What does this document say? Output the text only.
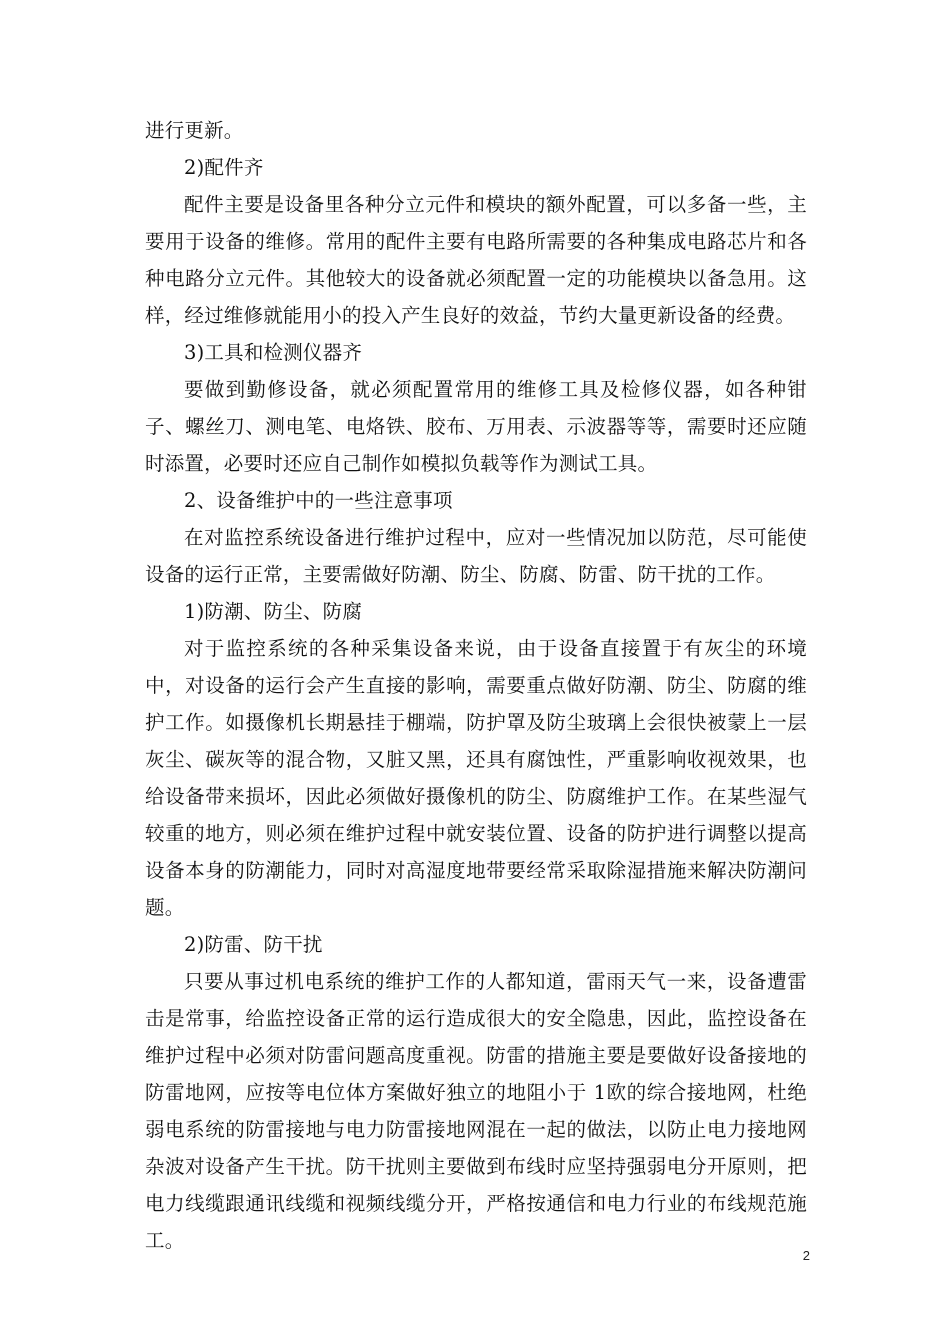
进行更新。

2)配件齐

配件主要是设备里各种分立元件和模块的额外配置，可以多备一些，主要用于设备的维修。常用的配件主要有电路所需要的各种集成电路芯片和各种电路分立元件。其他较大的设备就必须配置一定的功能模块以备急用。这样，经过维修就能用小的投入产生良好的效益，节约大量更新设备的经费。

3)工具和检测仪器齐

要做到勤修设备，就必须配置常用的维修工具及检修仪器，如各种钳子、螺丝刀、测电笔、电烙铁、胶布、万用表、示波器等等，需要时还应随时添置，必要时还应自己制作如模拟负载等作为测试工具。

2、设备维护中的一些注意事项

在对监控系统设备进行维护过程中，应对一些情况加以防范，尽可能使设备的运行正常，主要需做好防潮、防尘、防腐、防雷、防干扰的工作。

1)防潮、防尘、防腐

对于监控系统的各种采集设备来说，由于设备直接置于有灰尘的环境中，对设备的运行会产生直接的影响，需要重点做好防潮、防尘、防腐的维护工作。如摄像机长期悬挂于棚端，防护罩及防尘玻璃上会很快被蒙上一层灰尘、碳灰等的混合物，又脏又黑，还具有腐蚀性，严重影响收视效果，也给设备带来损坏，因此必须做好摄像机的防尘、防腐维护工作。在某些湿气较重的地方，则必须在维护过程中就安装位置、设备的防护进行调整以提高设备本身的防潮能力，同时对高湿度地带要经常采取除湿措施来解决防潮问题。

2)防雷、防干扰

只要从事过机电系统的维护工作的人都知道，雷雨天气一来，设备遭雷击是常事，给监控设备正常的运行造成很大的安全隐患，因此，监控设备在维护过程中必须对防雷问题高度重视。防雷的措施主要是要做好设备接地的防雷地网，应按等电位体方案做好独立的地阻小于 1欧的综合接地网，杜绝弱电系统的防雷接地与电力防雷接地网混在一起的做法，以防止电力接地网杂波对设备产生干扰。防干扰则主要做到布线时应坚持强弱电分开原则，把电力线缆跟通讯线缆和视频线缆分开，严格按通信和电力行业的布线规范施工。

2
